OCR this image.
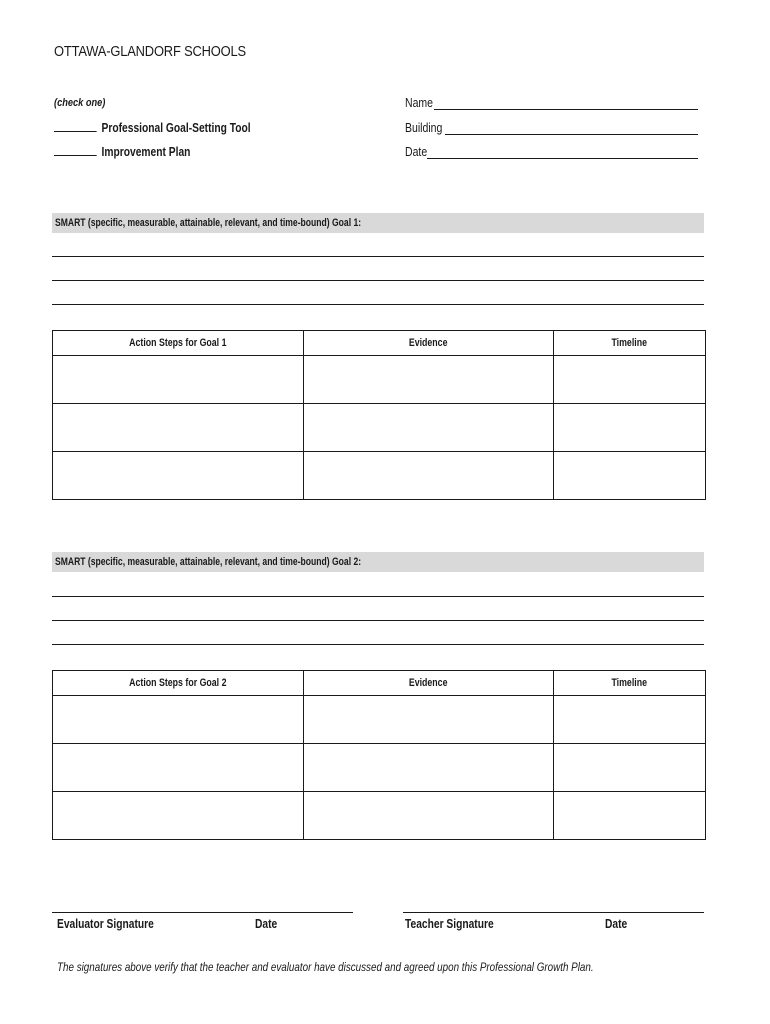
OTTAWA-GLANDORF SCHOOLS
(check one)
Professional Goal-Setting Tool
Improvement Plan
Name
Building
Date
SMART (specific, measurable, attainable, relevant, and time-bound) Goal 1:
Action Steps for Goal 1	Evidence	Timeline

SMART (specific, measurable, attainable, relevant, and time-bound) Goal 2:
Action Steps for Goal 2	Evidence	Timeline

Evaluator Signature	Date	Teacher Signature	Date
The signatures above verify that the teacher and evaluator have discussed and agreed upon this Professional Growth Plan.
